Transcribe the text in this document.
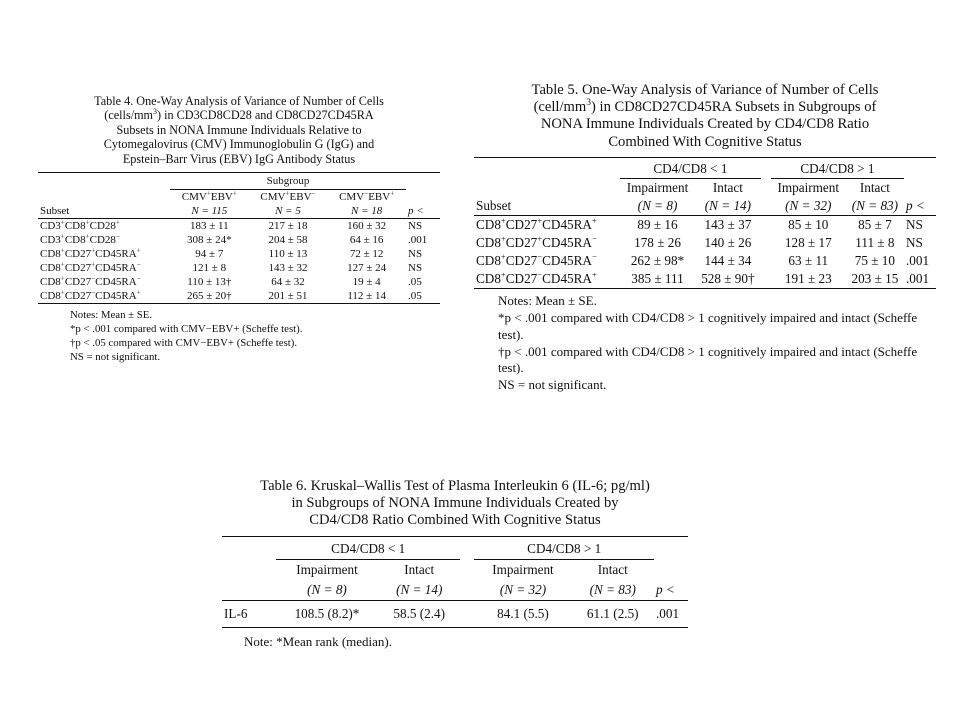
Table 4. One-Way Analysis of Variance of Number of Cells
$(cells/mm^3)$ in CD3CD8CD28 and CD8CD27CD45RA
Subsets in NONA Immune Individuals Relative to
Cytomegalovirus (CMV) Immunoglobulin G (IgG) and
Epstein–Barr Virus (EBV) IgG Antibody Status
	Subgroup			
	CMV+EBV+	CMV+EBV−	CMV−EBV+	
Subset	N = 115	N = 5	N = 18	p <
CD3+CD8+CD28+	183 ± 11	217 ± 18	160 ± 32	NS
CD3+CD8+CD28−	308 ± 24*	204 ± 58	64 ± 16	.001
CD8+CD27+CD45RA+	94 ± 7	110 ± 13	72 ± 12	NS
CD8+CD27+CD45RA−	121 ± 8	143 ± 32	127 ± 24	NS
CD8+CD27−CD45RA−	110 ± 13†	64 ± 32	19 ± 4	.05
CD8+CD27−CD45RA+	265 ± 20†	201 ± 51	112 ± 14	.05
Notes: Mean ± SE.
*p < .001 compared with CMV−EBV+ (Scheffe test).
†p < .05 compared with CMV−EBV+ (Scheffe test).
NS = not significant.
Table 5. One-Way Analysis of Variance of Number of Cells
$(cell/mm^3)$ in CD8CD27CD45RA Subsets in Subgroups of
NONA Immune Individuals Created by CD4/CD8 Ratio
Combined With Cognitive Status
	CD4/CD8 < 1			CD4/CD8 > 1		
	Impairment	Intact		Impairment	Intact	
Subset	(N = 8)	(N = 14)		(N = 32)	(N = 83)	p <
CD8+CD27+CD45RA+	89 ± 16	143 ± 37		85 ± 10	85 ± 7	NS
CD8+CD27+CD45RA−	178 ± 26	140 ± 26		128 ± 17	111 ± 8	NS
CD8+CD27−CD45RA−	262 ± 98*	144 ± 34		63 ± 11	75 ± 10	.001
CD8+CD27−CD45RA+	385 ± 111	528 ± 90†		191 ± 23	203 ± 15	.001
Notes: Mean ± SE.
*p < .001 compared with CD4/CD8 > 1 cognitively impaired and intact (Scheffe test).
†p < .001 compared with CD4/CD8 > 1 cognitively impaired and intact (Scheffe test).
NS = not significant.
Table 6. Kruskal–Wallis Test of Plasma Interleukin 6 (IL-6; pg/ml)
in Subgroups of NONA Immune Individuals Created by
CD4/CD8 Ratio Combined With Cognitive Status
	CD4/CD8 < 1			CD4/CD8 > 1		
	Impairment	Intact		Impairment	Intact	
	(N = 8)	(N = 14)		(N = 32)	(N = 83)	p <
IL-6	108.5 (8.2)*	58.5 (2.4)		84.1 (5.5)	61.1 (2.5)	.001
Note: *Mean rank (median).
